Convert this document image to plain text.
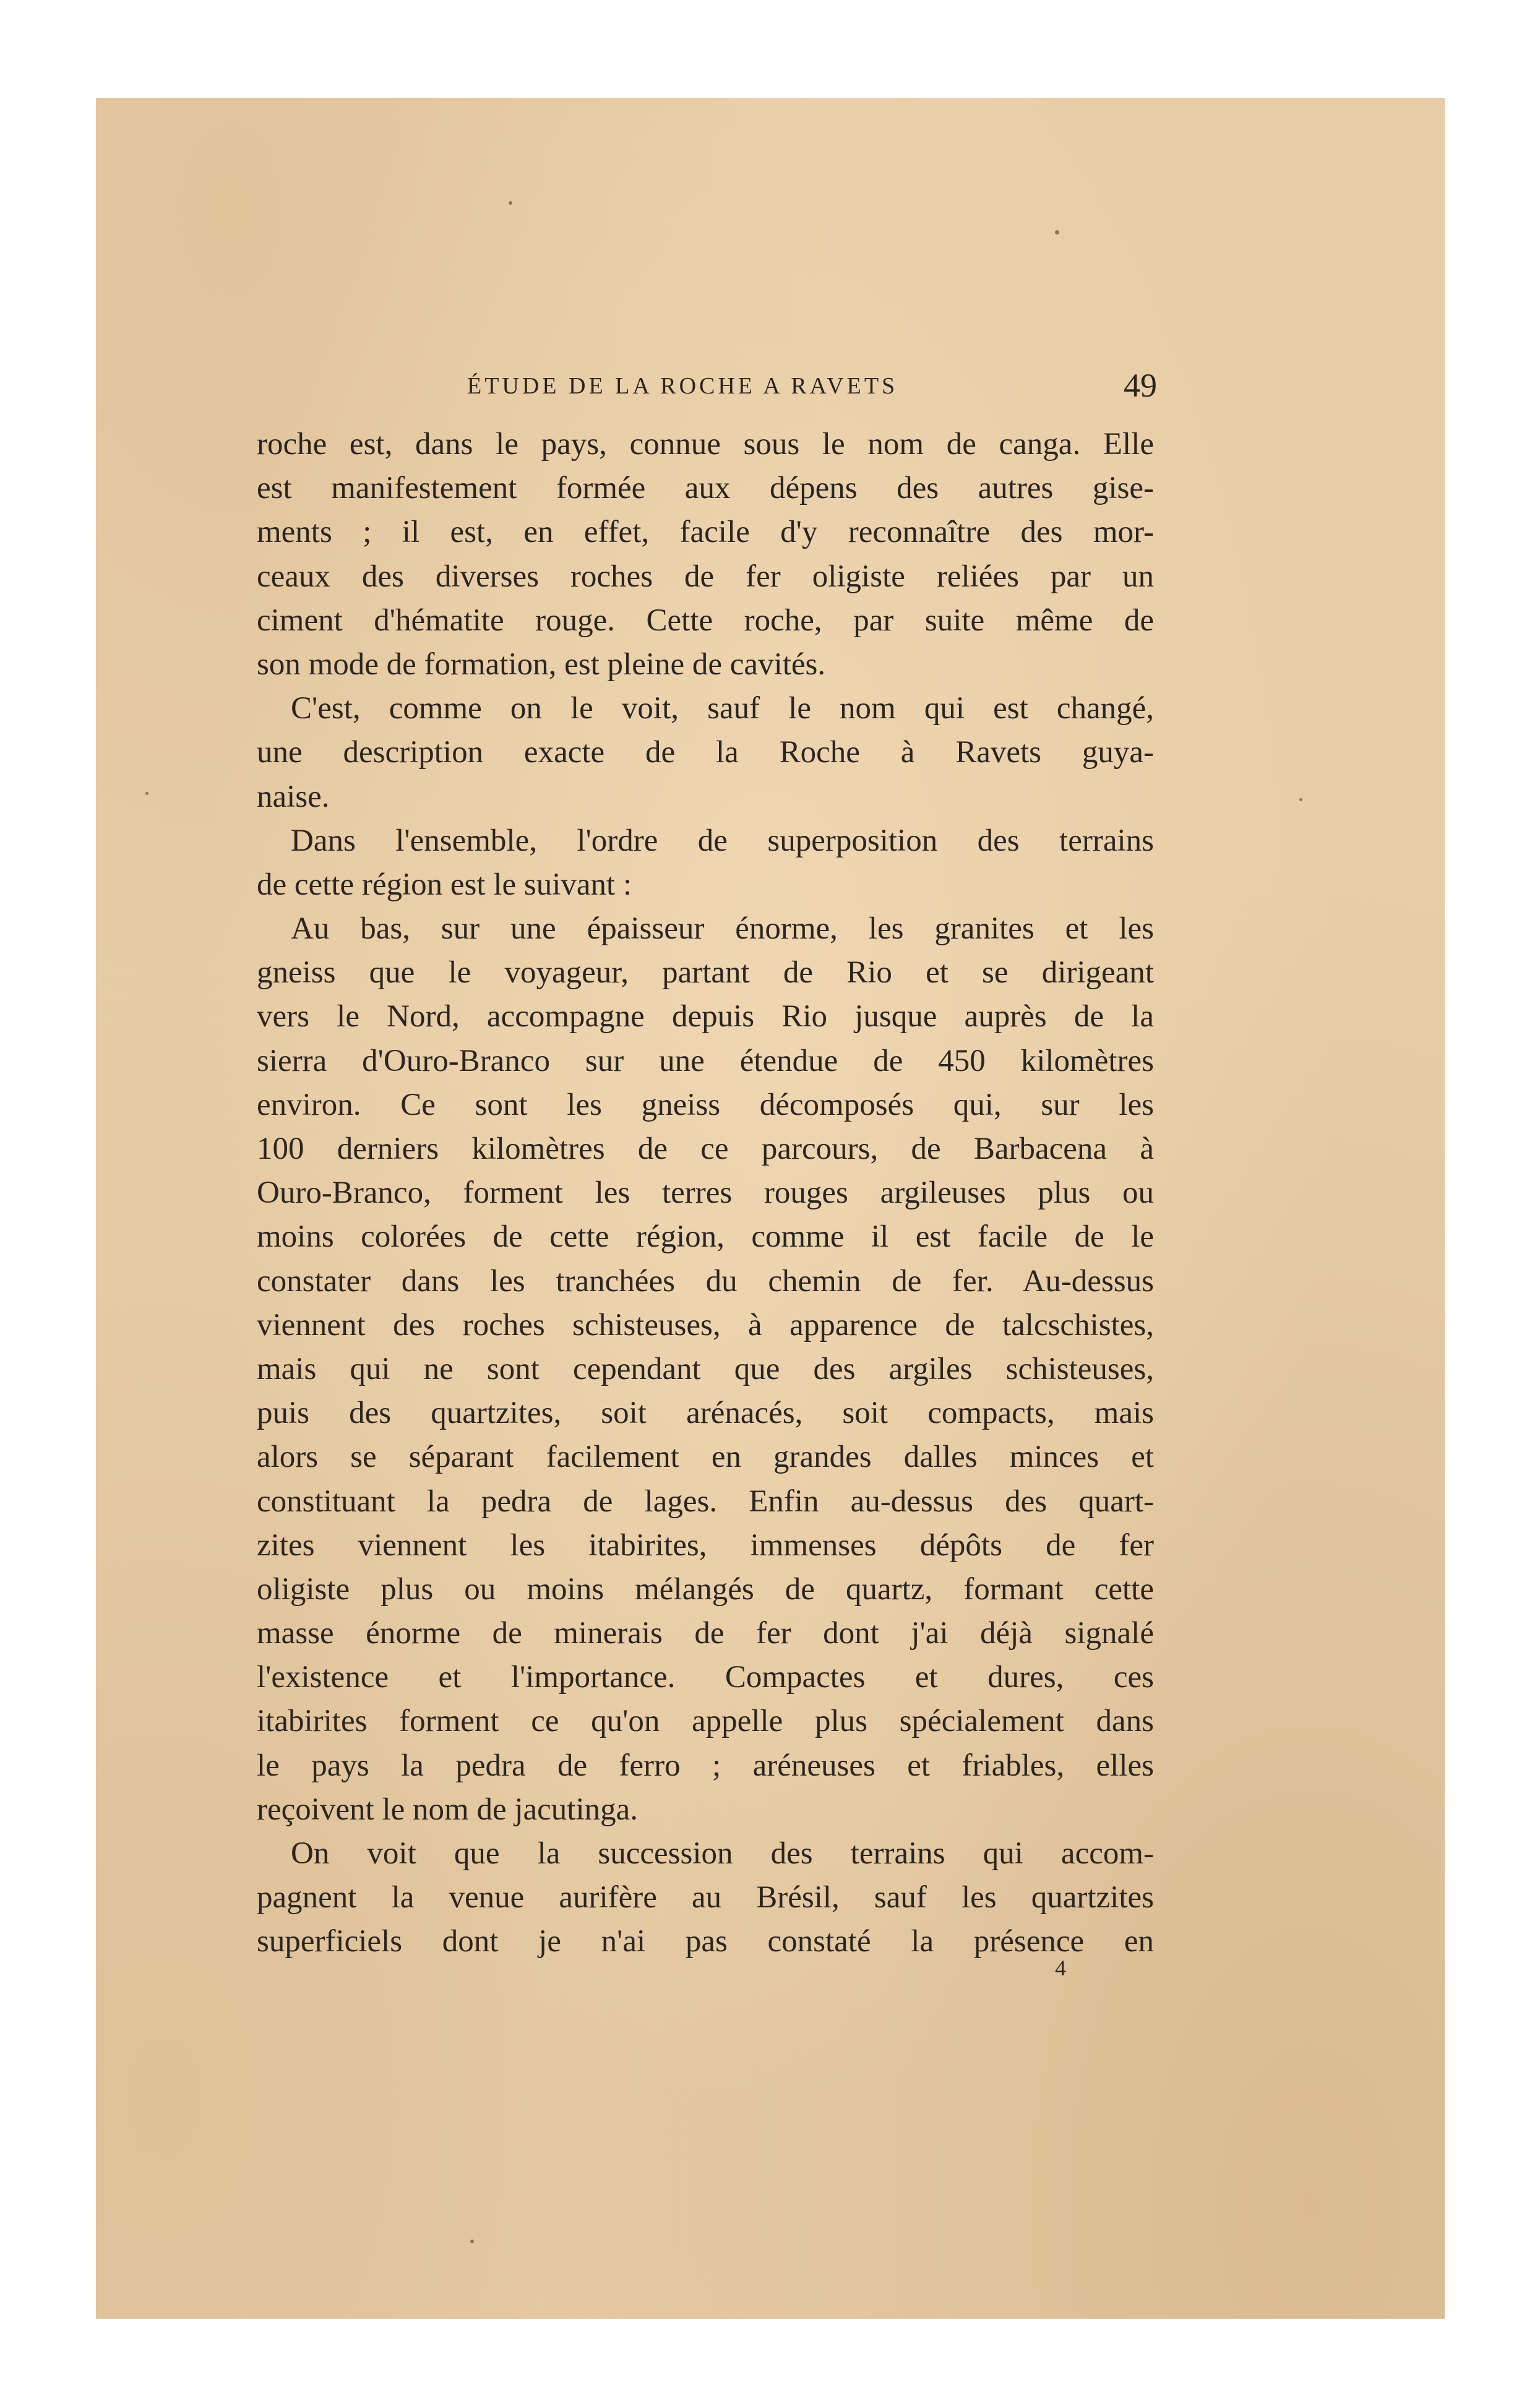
ÉTUDE DE LA ROCHE A RAVETS	49
roche est, dans le pays, connue sous le nom de canga. Elle
est manifestement formée aux dépens des autres gise-
ments ; il est, en effet, facile d'y reconnaître des mor-
ceaux des diverses roches de fer oligiste reliées par un
ciment d'hématite rouge. Cette roche, par suite même de
son mode de formation, est pleine de cavités.
C'est, comme on le voit, sauf le nom qui est changé,
une description exacte de la Roche à Ravets guya-
naise.
Dans l'ensemble, l'ordre de superposition des terrains
de cette région est le suivant :
Au bas, sur une épaisseur énorme, les granites et les
gneiss que le voyageur, partant de Rio et se dirigeant
vers le Nord, accompagne depuis Rio jusque auprès de la
sierra d'Ouro-Branco sur une étendue de 450 kilomètres
environ. Ce sont les gneiss décomposés qui, sur les
100 derniers kilomètres de ce parcours, de Barbacena à
Ouro-Branco, forment les terres rouges argileuses plus ou
moins colorées de cette région, comme il est facile de le
constater dans les tranchées du chemin de fer. Au-dessus
viennent des roches schisteuses, à apparence de talcschistes,
mais qui ne sont cependant que des argiles schisteuses,
puis des quartzites, soit arénacés, soit compacts, mais
alors se séparant facilement en grandes dalles minces et
constituant la pedra de lages. Enfin au-dessus des quart-
zites viennent les itabirites, immenses dépôts de fer
oligiste plus ou moins mélangés de quartz, formant cette
masse énorme de minerais de fer dont j'ai déjà signalé
l'existence et l'importance. Compactes et dures, ces
itabirites forment ce qu'on appelle plus spécialement dans
le pays la pedra de ferro ; aréneuses et friables, elles
reçoivent le nom de jacutinga.
On voit que la succession des terrains qui accom-
pagnent la venue aurifère au Brésil, sauf les quartzites
superficiels dont je n'ai pas constaté la présence en
4
